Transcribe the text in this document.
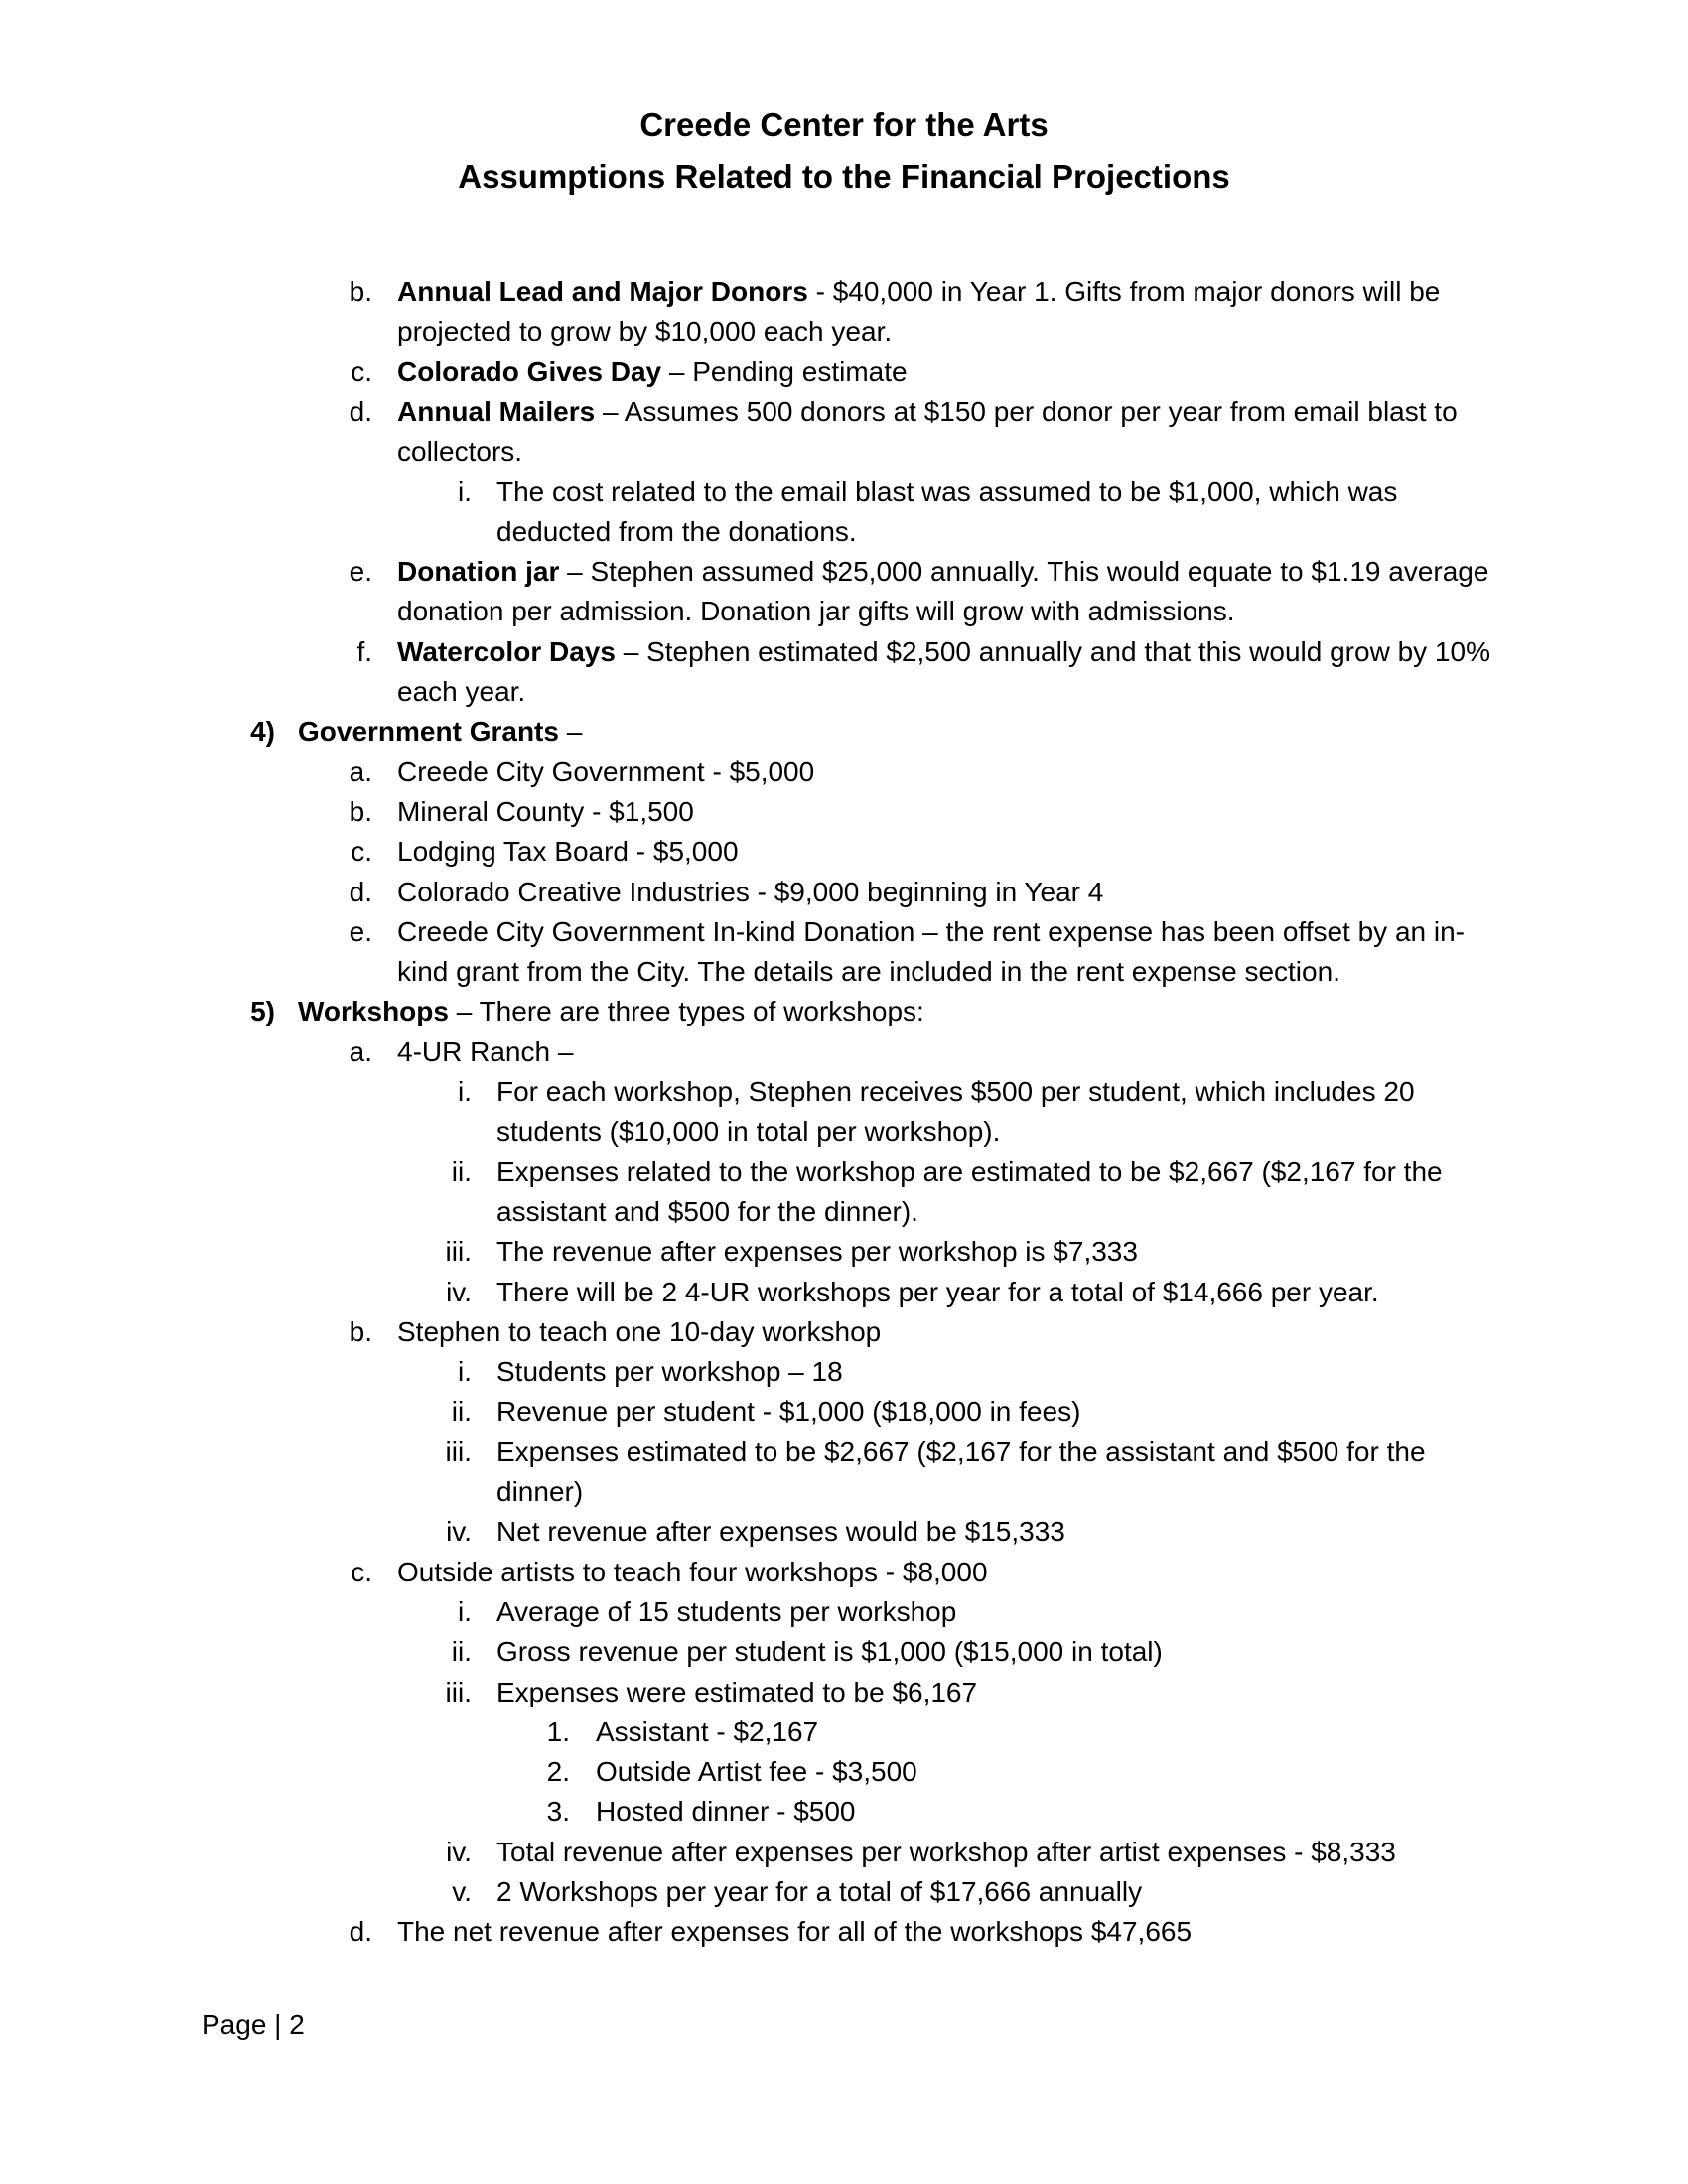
Creede Center for the Arts
Assumptions Related to the Financial Projections
b. Annual Lead and Major Donors - $40,000 in Year 1. Gifts from major donors will be
projected to grow by $10,000 each year.
c. Colorado Gives Day – Pending estimate
d. Annual Mailers – Assumes 500 donors at $150 per donor per year from email blast to
collectors.
i. The cost related to the email blast was assumed to be $1,000, which was
deducted from the donations.
e. Donation jar – Stephen assumed $25,000 annually. This would equate to $1.19 average
donation per admission. Donation jar gifts will grow with admissions.
f. Watercolor Days – Stephen estimated $2,500 annually and that this would grow by 10%
each year.
4) Government Grants –
a. Creede City Government - $5,000
b. Mineral County - $1,500
c. Lodging Tax Board - $5,000
d. Colorado Creative Industries - $9,000 beginning in Year 4
e. Creede City Government In-kind Donation – the rent expense has been offset by an in-
kind grant from the City. The details are included in the rent expense section.
5) Workshops – There are three types of workshops:
a. 4-UR Ranch –
i. For each workshop, Stephen receives $500 per student, which includes 20
students ($10,000 in total per workshop).
ii. Expenses related to the workshop are estimated to be $2,667 ($2,167 for the
assistant and $500 for the dinner).
iii. The revenue after expenses per workshop is $7,333
iv. There will be 2 4-UR workshops per year for a total of $14,666 per year.
b. Stephen to teach one 10-day workshop
i. Students per workshop – 18
ii. Revenue per student - $1,000 ($18,000 in fees)
iii. Expenses estimated to be $2,667 ($2,167 for the assistant and $500 for the
dinner)
iv. Net revenue after expenses would be $15,333
c. Outside artists to teach four workshops - $8,000
i. Average of 15 students per workshop
ii. Gross revenue per student is $1,000 ($15,000 in total)
iii. Expenses were estimated to be $6,167
1. Assistant - $2,167
2. Outside Artist fee - $3,500
3. Hosted dinner - $500
iv. Total revenue after expenses per workshop after artist expenses - $8,333
v. 2 Workshops per year for a total of $17,666 annually
d. The net revenue after expenses for all of the workshops $47,665
Page | 2
